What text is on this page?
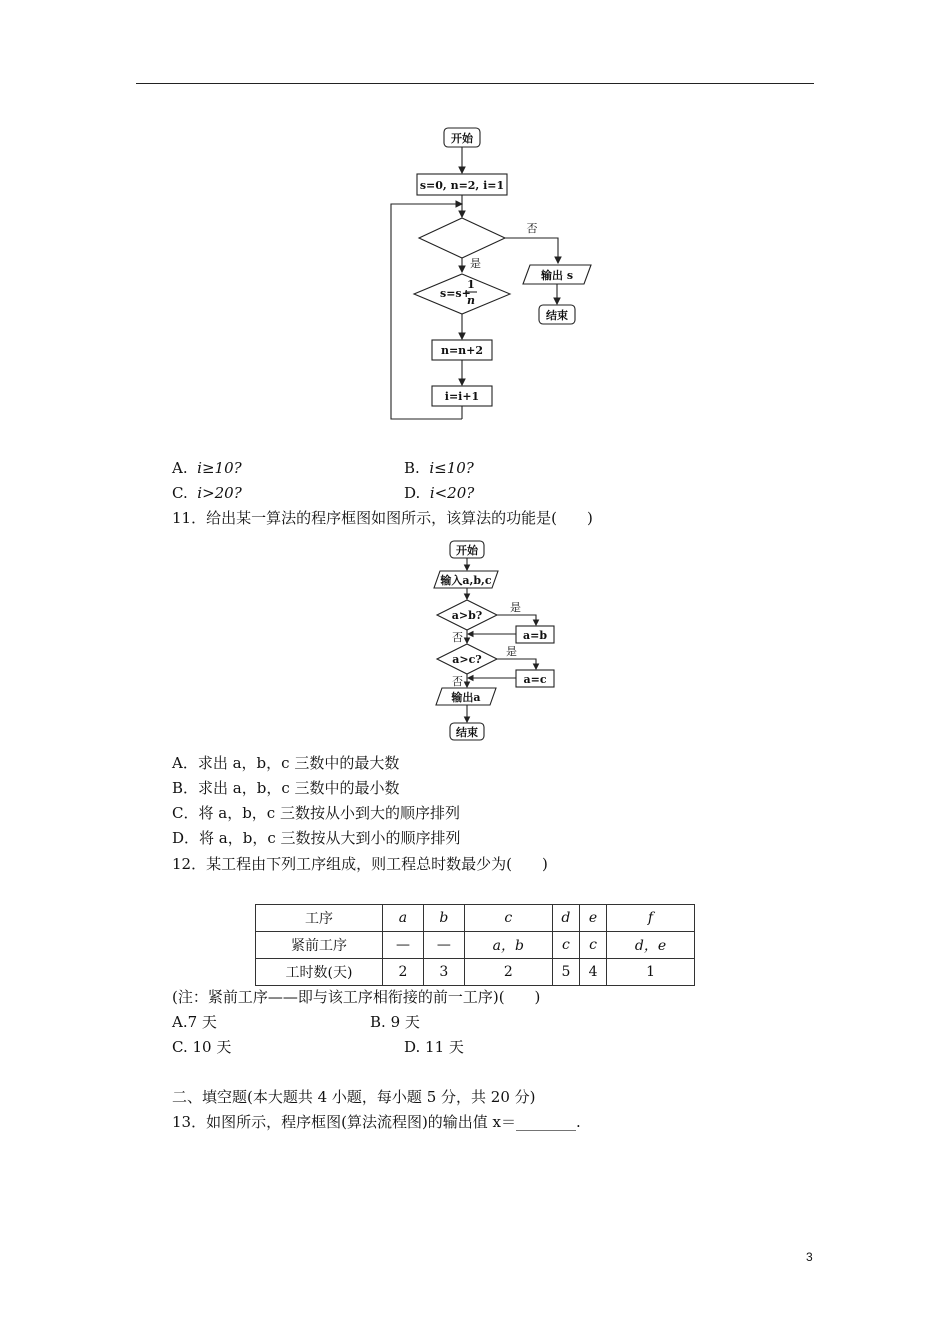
开始
s=0, n=2, i=1
否
输出 s
结束
是
s=s+
1
n
n=n+2
i=i+1
A. i≥10?	B. i≤10?
C. i>20?	D. i<20?
11．给出某一算法的程序框图如图所示，该算法的功能是(　　)
开始
输入a,b,c
a>b?
是
a=b
否
a>c?
是
a=c
否
输出a
结束
A．求出 a，b，c 三数中的最大数
B．求出 a，b，c 三数中的最小数
C．将 a，b，c 三数按从小到大的顺序排列
D．将 a，b，c 三数按从大到小的顺序排列
12．某工程由下列工序组成，则工程总时数最少为(　　)
工序	a	b	c	d	e	f
紧前工序	—	—	a，b	c	c	d，e
工时数(天)	2	3	2	5	4	1
(注：紧前工序——即与该工序相衔接的前一工序)(　　)
A.7 天	B. 9 天
C. 10 天	D. 11 天
二、填空题(本大题共 4 小题，每小题 5 分，共 20 分)
13．如图所示，程序框图(算法流程图)的输出值 x＝________.
3
